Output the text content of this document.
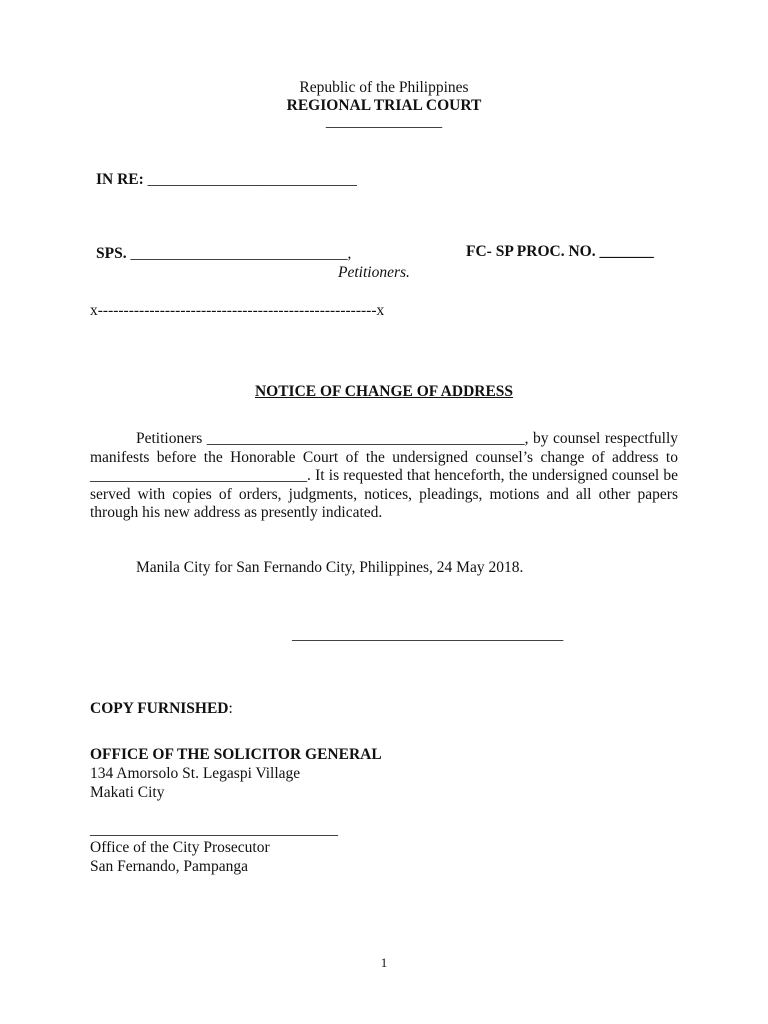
Republic of the Philippines
REGIONAL TRIAL COURT
_______________
IN RE: ___________________________
SPS. ____________________________,	FC- SP PROC. NO. _______
Petitioners.
x------------------------------------------------------x
NOTICE OF CHANGE OF ADDRESS
Petitioners _________________________________________, by counsel respectfully manifests before the Honorable Court of the undersigned counsel’s change of address to ____________________________. It is requested that henceforth, the undersigned counsel be served with copies of orders, judgments, notices, pleadings, motions and all other papers through his new address as presently indicated.
Manila City for San Fernando City, Philippines, 24 May 2018.
___________________________________
COPY FURNISHED:
OFFICE OF THE SOLICITOR GENERAL
134 Amorsolo St. Legaspi Village
Makati City
________________________________
Office of the City Prosecutor
San Fernando, Pampanga
1
